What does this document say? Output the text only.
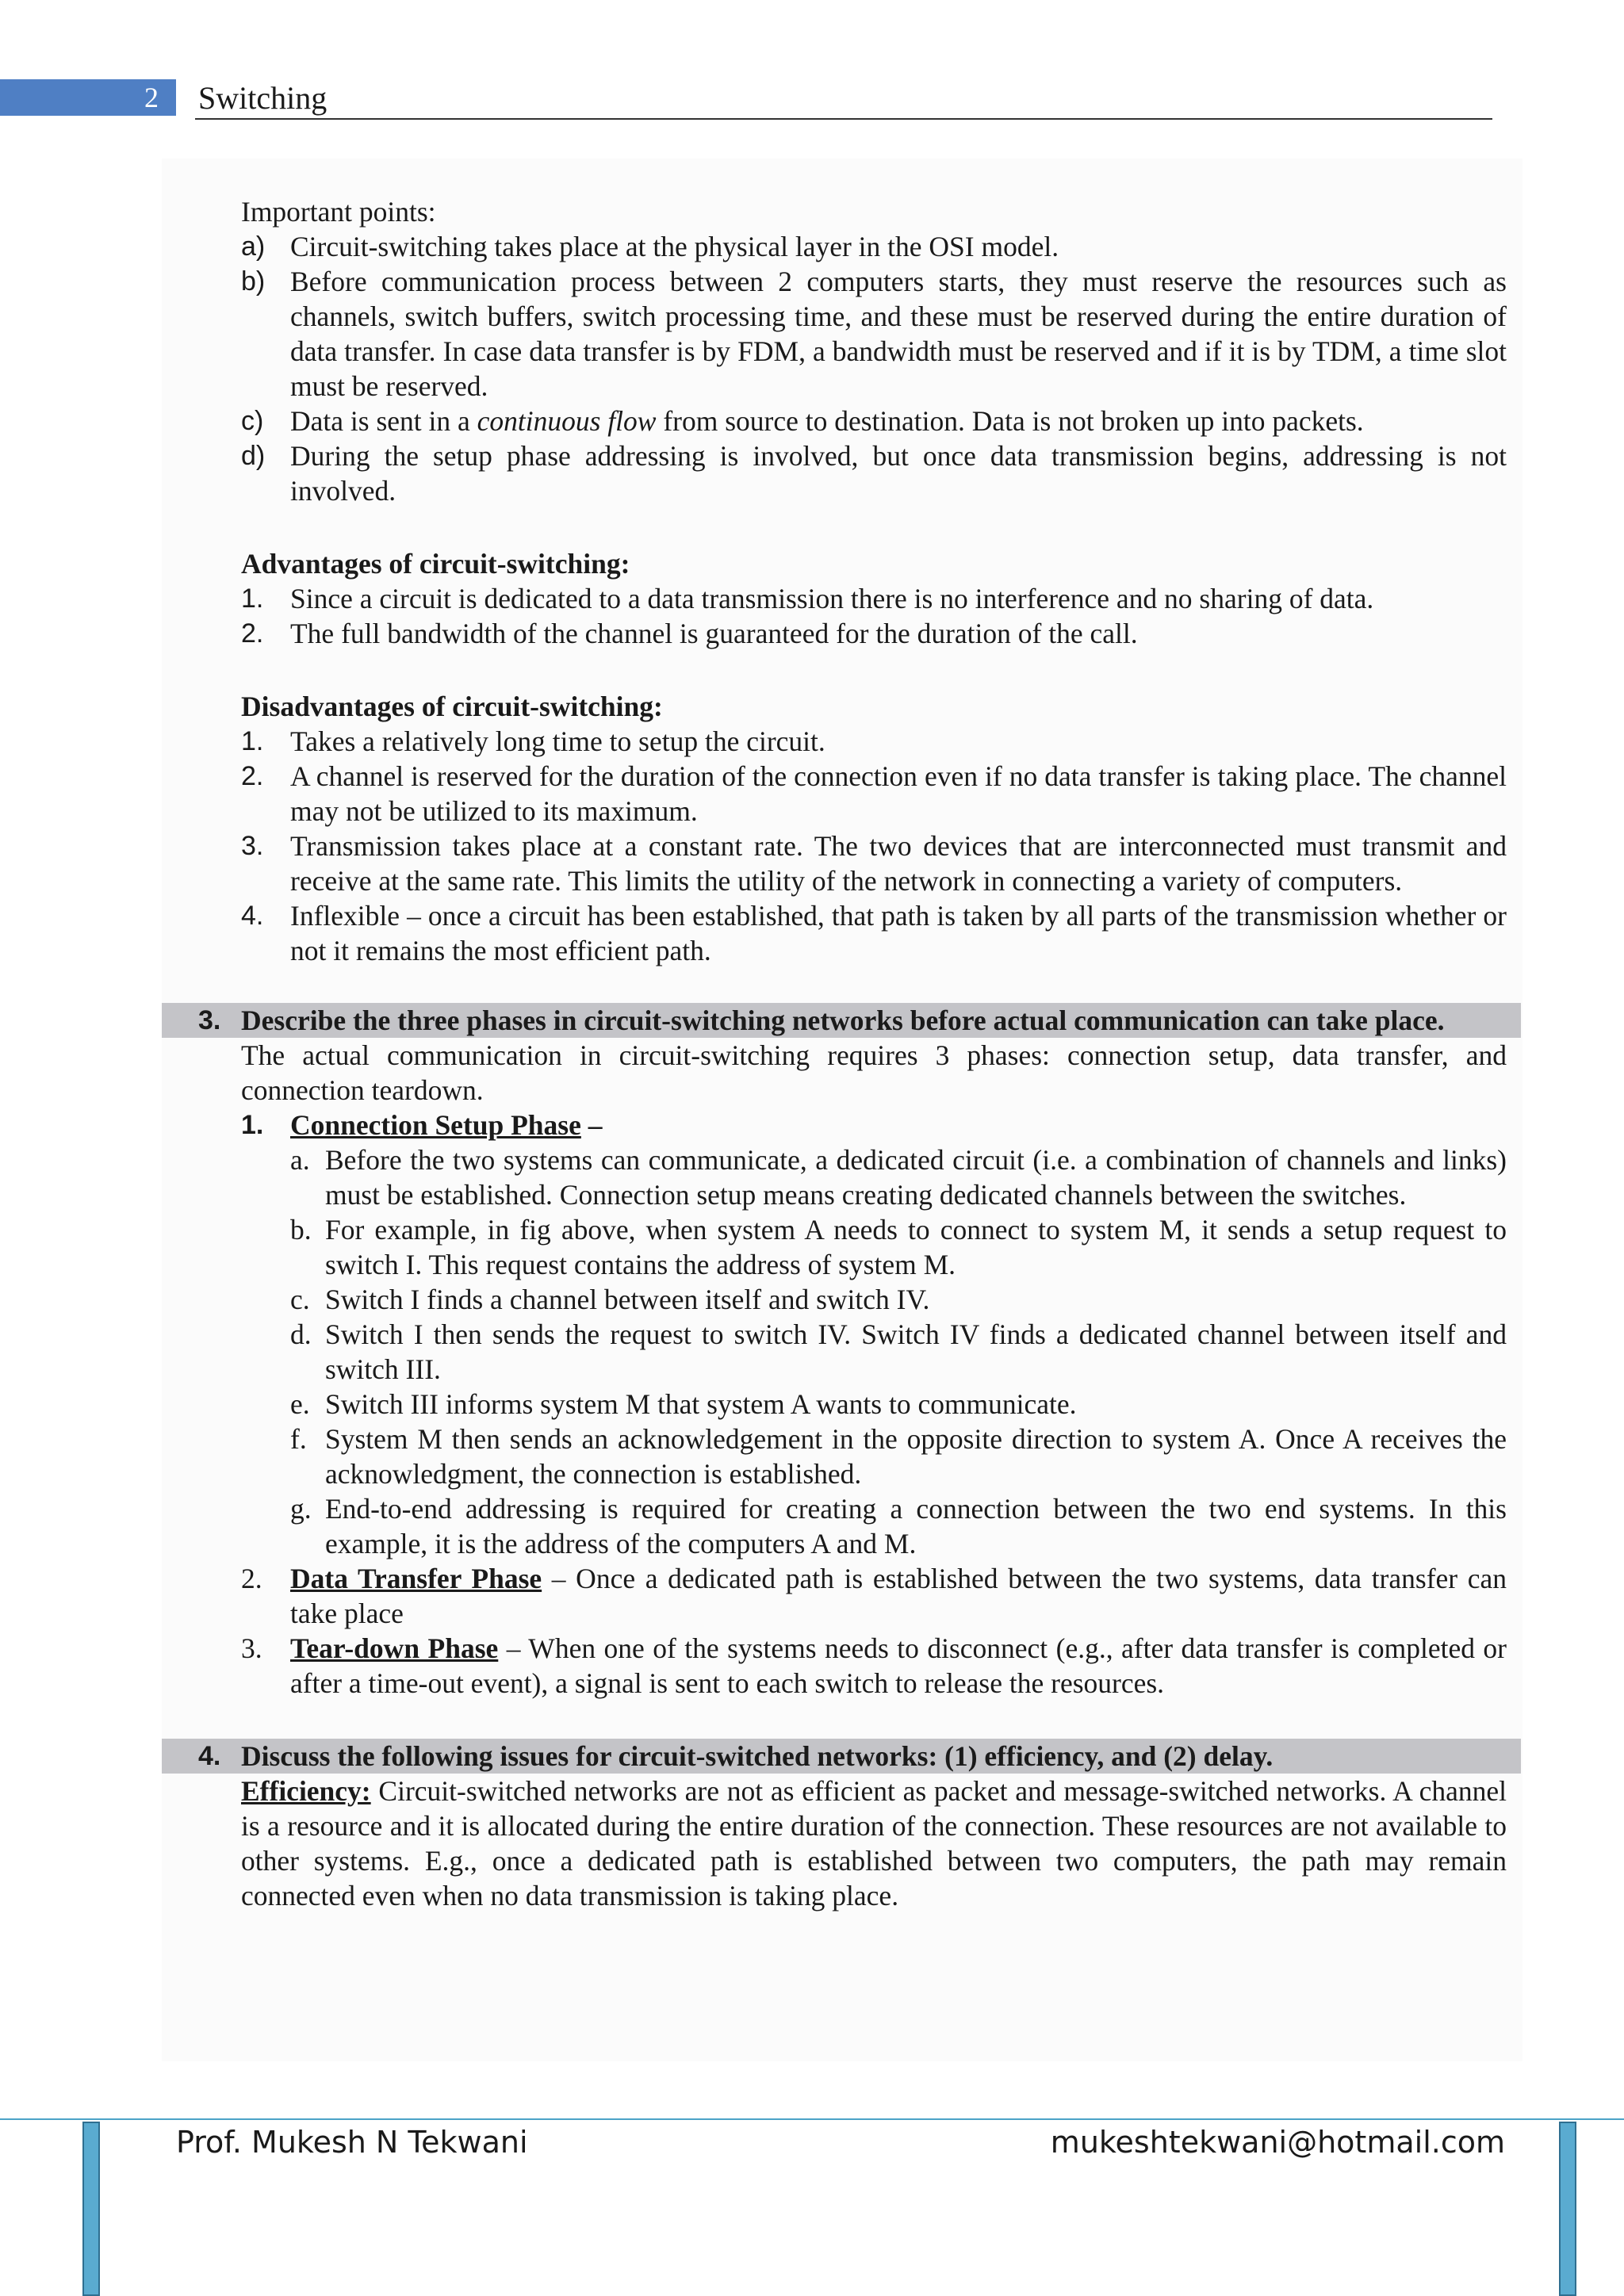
2	Switching

Important points:

a) Circuit-switching takes place at the physical layer in the OSI model.
b) Before communication process between 2 computers starts, they must reserve the resources such as channels, switch buffers, switch processing time, and these must be reserved during the entire duration of data transfer. In case data transfer is by FDM, a bandwidth must be reserved and if it is by TDM, a time slot must be reserved.
c) Data is sent in a continuous flow from source to destination. Data is not broken up into packets.
d) During the setup phase addressing is involved, but once data transmission begins, addressing is not involved.

Advantages of circuit-switching:

1. Since a circuit is dedicated to a data transmission there is no interference and no sharing of data.
2. The full bandwidth of the channel is guaranteed for the duration of the call.

Disadvantages of circuit-switching:

1. Takes a relatively long time to setup the circuit.
2. A channel is reserved for the duration of the connection even if no data transfer is taking place. The channel may not be utilized to its maximum.
3. Transmission takes place at a constant rate. The two devices that are interconnected must transmit and receive at the same rate. This limits the utility of the network in connecting a variety of computers.
4. Inflexible – once a circuit has been established, that path is taken by all parts of the transmission whether or not it remains the most efficient path.
3. Describe the three phases in circuit-switching networks before actual communication can take place.

The actual communication in circuit-switching requires 3 phases: connection setup, data transfer, and connection teardown.

1. Connection Setup Phase –
a. Before the two systems can communicate, a dedicated circuit (i.e. a combination of channels and links) must be established. Connection setup means creating dedicated channels between the switches.
b. For example, in fig above, when system A needs to connect to system M, it sends a setup request to switch I. This request contains the address of system M.
c. Switch I finds a channel between itself and switch IV.
d. Switch I then sends the request to switch IV. Switch IV finds a dedicated channel between itself and switch III.
e. Switch III informs system M that system A wants to communicate.
f. System M then sends an acknowledgement in the opposite direction to system A. Once A receives the acknowledgment, the connection is established.
g. End-to-end addressing is required for creating a connection between the two end systems. In this example, it is the address of the computers A and M.
2. Data Transfer Phase – Once a dedicated path is established between the two systems, data transfer can take place
3. Tear-down Phase – When one of the systems needs to disconnect (e.g., after data transfer is completed or after a time-out event), a signal is sent to each switch to release the resources.
4. Discuss the following issues for circuit-switched networks: (1) efficiency, and (2) delay.

Efficiency: Circuit-switched networks are not as efficient as packet and message-switched networks. A channel is a resource and it is allocated during the entire duration of the connection. These resources are not available to other systems. E.g., once a dedicated path is established between two computers, the path may remain connected even when no data transmission is taking place.

Prof. Mukesh N Tekwani	mukeshtekwani@hotmail.com
